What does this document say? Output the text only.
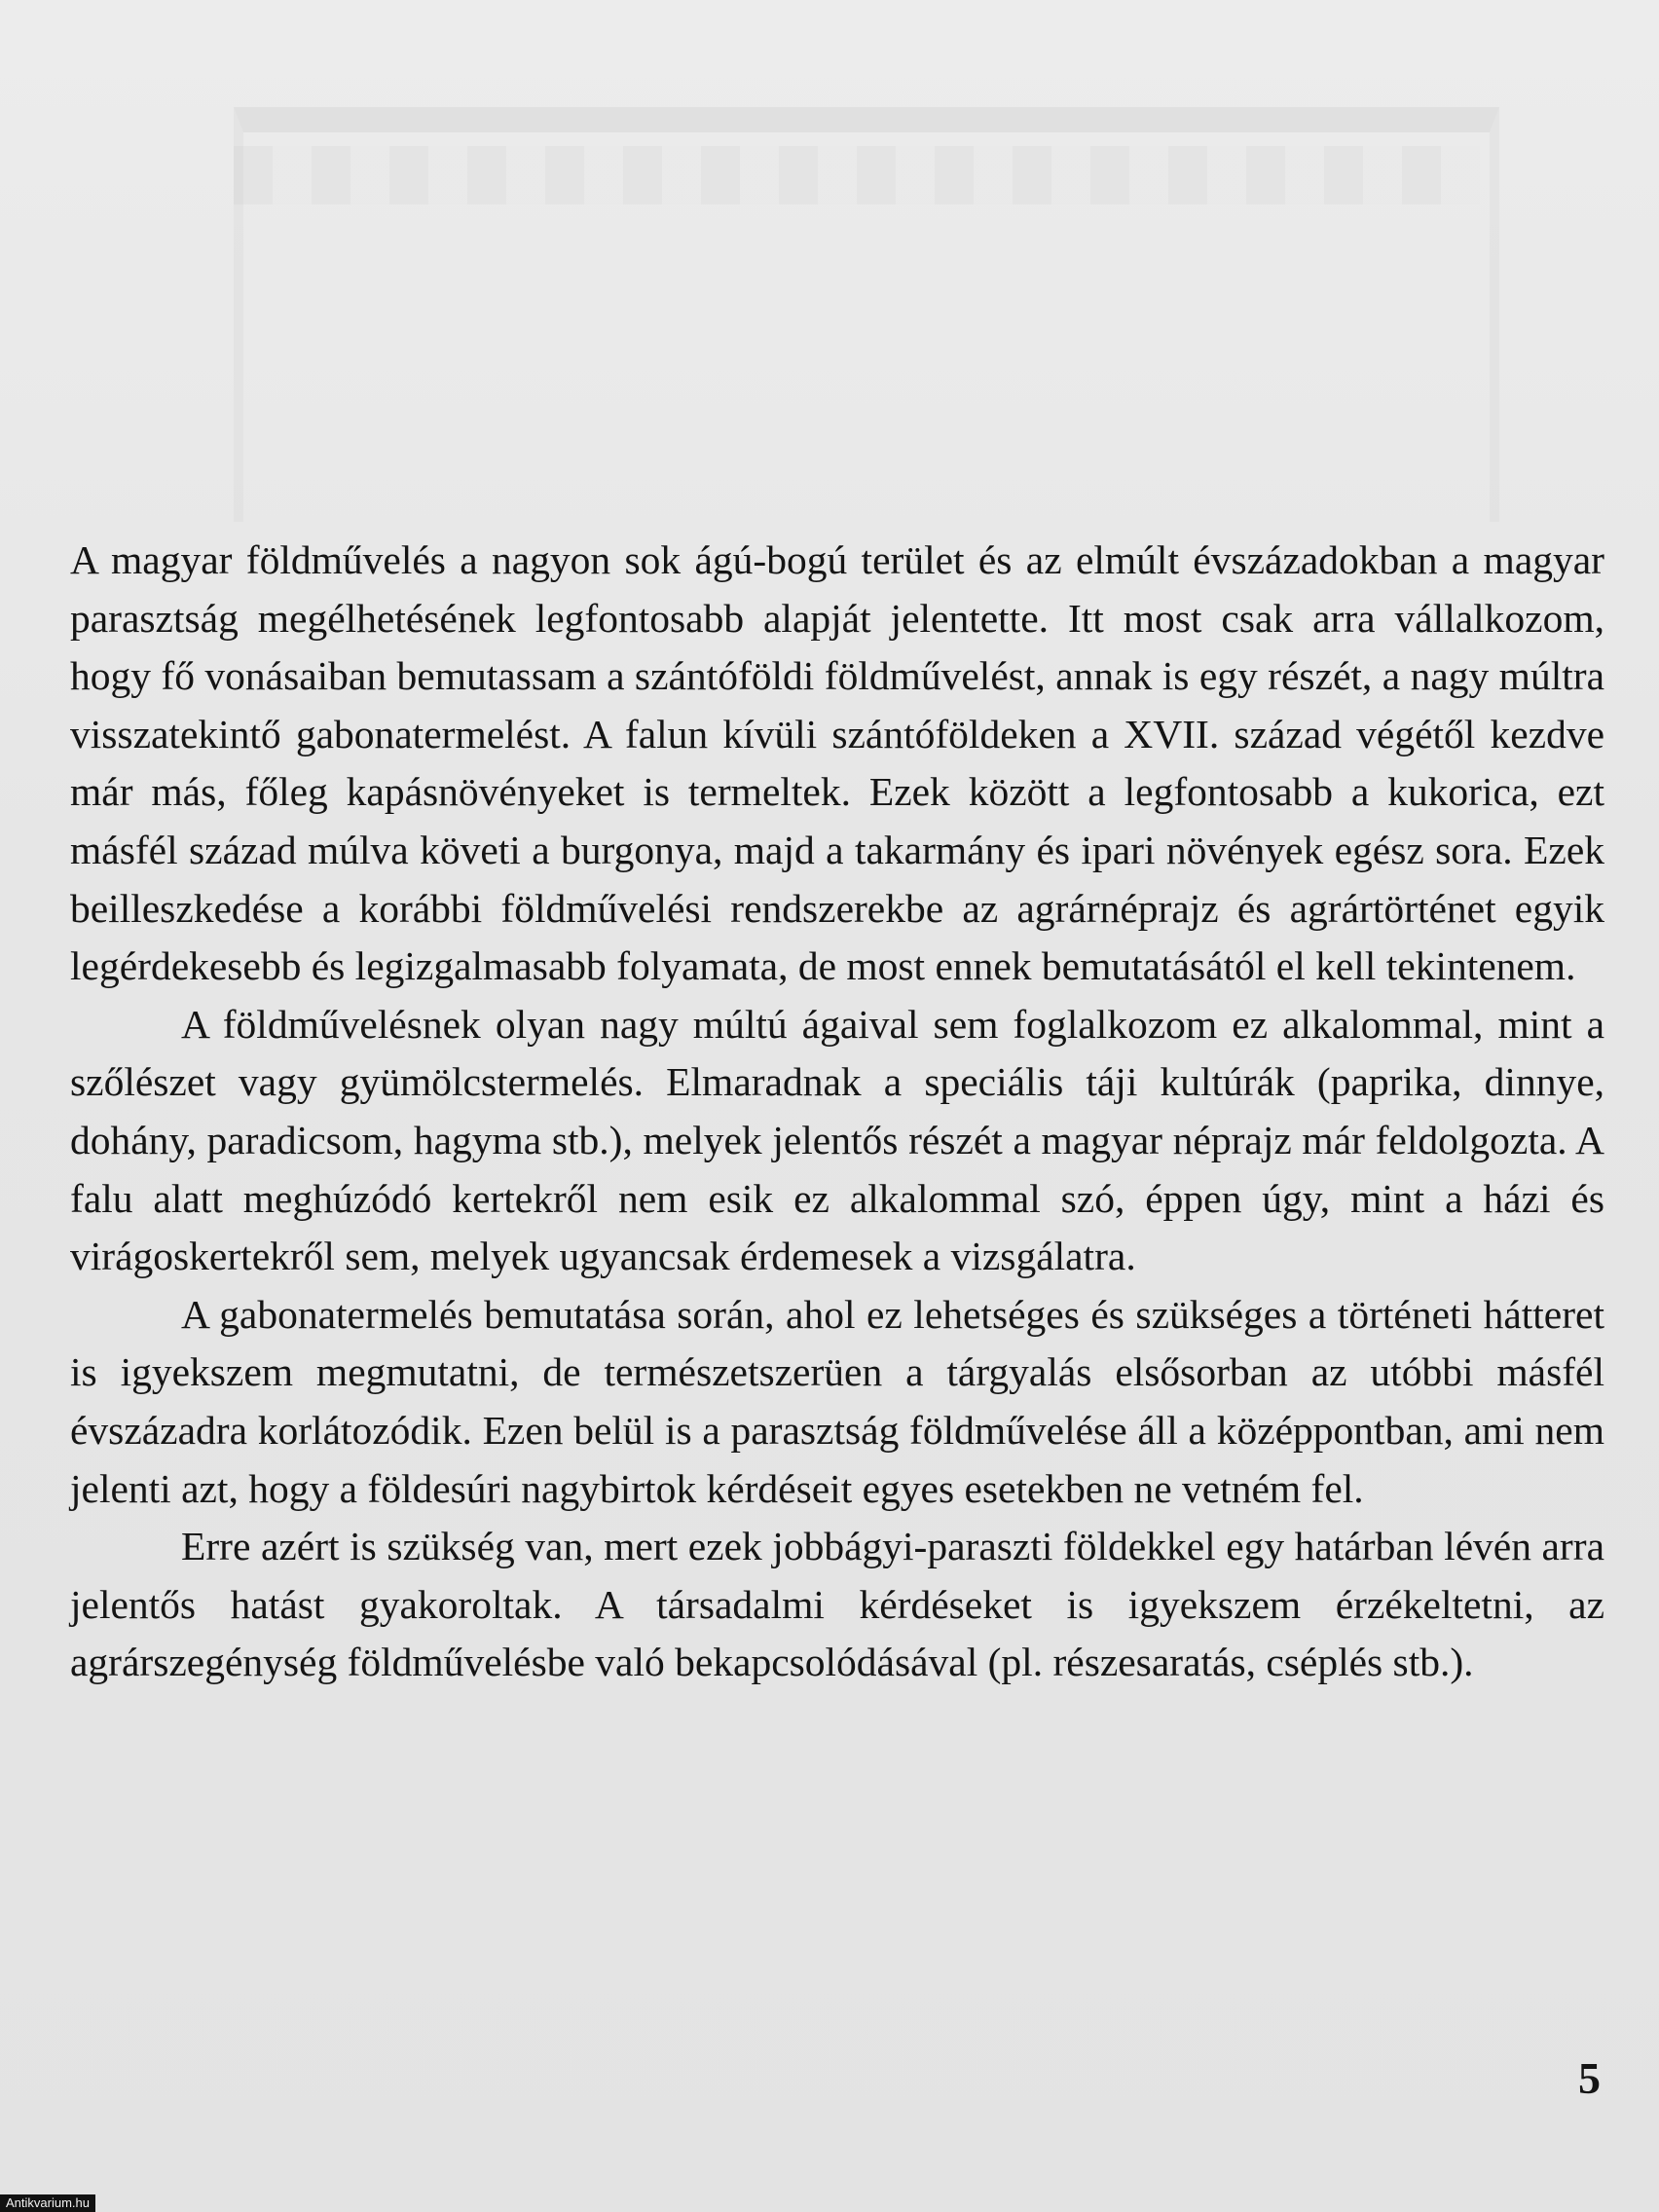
A magyar földművelés a nagyon sok ágú-bogú terület és az elmúlt évszázadokban a magyar parasztság megélhetésének legfontosabb alapját jelentette. Itt most csak arra vállalkozom, hogy fő vonásaiban bemutassam a szántóföldi földművelést, annak is egy részét, a nagy múltra visszatekintő gabonatermelést. A falun kívüli szántóföldeken a XVII. század végétől kezdve már más, főleg kapásnövényeket is termeltek. Ezek között a legfontosabb a kukorica, ezt másfél század múlva követi a burgonya, majd a takarmány és ipari növények egész sora. Ezek beilleszkedése a korábbi földművelési rendszerekbe az agrárnéprajz és agrártörténet egyik legérdekesebb és legizgalmasabb folyamata, de most ennek bemutatásától el kell tekintenem.

A földművelésnek olyan nagy múltú ágaival sem foglalkozom ez alkalommal, mint a szőlészet vagy gyümölcstermelés. Elmaradnak a speciális táji kultúrák (paprika, dinnye, dohány, paradicsom, hagyma stb.), melyek jelentős részét a magyar néprajz már feldolgozta. A falu alatt meghúzódó kertekről nem esik ez alkalommal szó, éppen úgy, mint a házi és virágoskertekről sem, melyek ugyancsak érdemesek a vizsgálatra.

A gabonatermelés bemutatása során, ahol ez lehetséges és szükséges a történeti hátteret is igyekszem megmutatni, de természetszerüen a tárgyalás elsősorban az utóbbi másfél évszázadra korlátozódik. Ezen belül is a parasztság földművelése áll a középpontban, ami nem jelenti azt, hogy a földesúri nagybirtok kérdéseit egyes esetekben ne vetném fel.

Erre azért is szükség van, mert ezek jobbágyi-paraszti földekkel egy határban lévén arra jelentős hatást gyakoroltak. A társadalmi kérdéseket is igyekszem érzékeltetni, az agrárszegénység földművelésbe való bekapcsolódásával (pl. részesaratás, cséplés stb.).

5
Antikvarium.hu
